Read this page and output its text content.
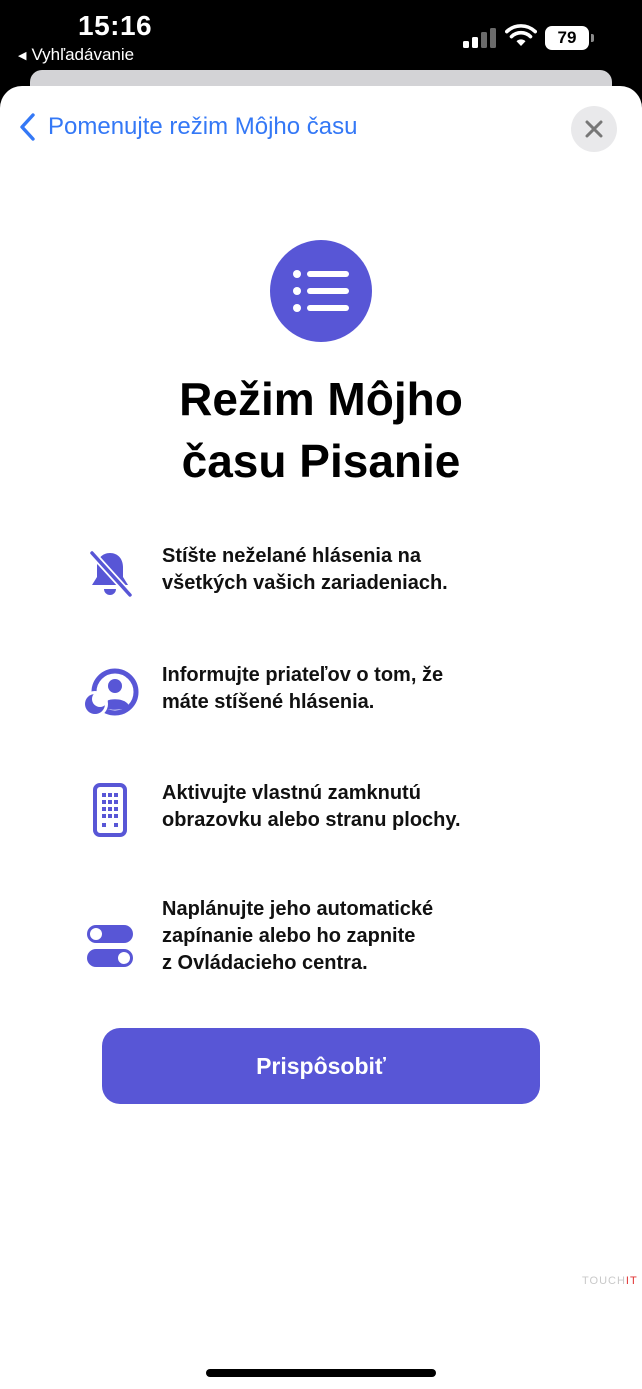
15:16
◀ Vyhľadávanie
79
Pomenujte režim Môjho času
Režim Môjho
času Pisanie
Stíšte neželané hlásenia na
všetkých vašich zariadeniach.
Informujte priateľov o tom, že
máte stíšené hlásenia.
Aktivujte vlastnú zamknutú
obrazovku alebo stranu plochy.
Naplánujte jeho automatické
zapínanie alebo ho zapnite
z Ovládacieho centra.
Prispôsobiť
TOUCHIT
